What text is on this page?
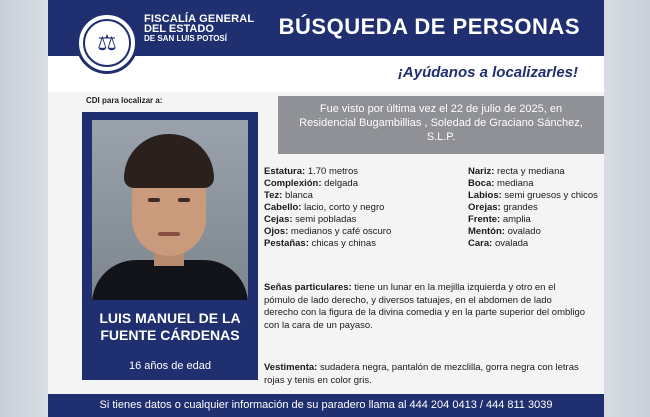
⚖
FISCALÍA GENERAL
DEL ESTADO
DE SAN LUIS POTOSÍ	BÚSQUEDA DE PERSONAS
¡Ayúdanos a localizarles!
CDI para localizar a:
LUIS MANUEL DE LA FUENTE CÁRDENAS
16 años de edad
Fue visto por última vez el 22 de julio de 2025, en Residencial Bugambillias , Soledad de Graciano Sánchez, S.L.P.
Estatura: 1.70 metros
Complexión: delgada
Tez: blanca
Cabello: lacio, corto y negro
Cejas: semi pobladas
Ojos: medianos y café oscuro
Pestañas: chicas y chinas
Nariz: recta y mediana
Boca: mediana
Labios: semi gruesos y chicos
Orejas: grandes
Frente: amplia
Mentón: ovalado
Cara: ovalada
Señas particulares: tiene un lunar en la mejilla izquierda y otro en el pómulo de lado derecho, y diversos tatuajes, en el abdomen de lado derecho con la figura de la divina comedia y en la parte superior del ombligo con la cara de un payaso.
Vestimenta: sudadera negra, pantalón de mezclilla, gorra negra con letras rojas y tenis en color gris.
Si tienes datos o cualquier información de su paradero llama al 444 204 0413 / 444 811 3039
